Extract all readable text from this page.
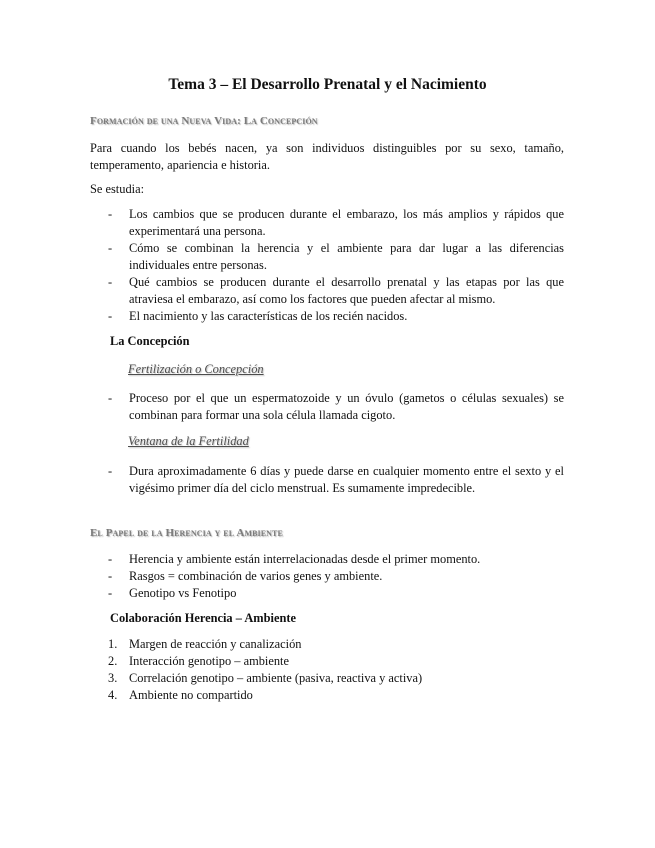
Tema 3 – El Desarrollo Prenatal y el Nacimiento
Formación de una Nueva Vida: La Concepción
Para cuando los bebés nacen, ya son individuos distinguibles por su sexo, tamaño, temperamento, apariencia e historia.
Se estudia:
- Los cambios que se producen durante el embarazo, los más amplios y rápidos que experimentará una persona.
- Cómo se combinan la herencia y el ambiente para dar lugar a las diferencias individuales entre personas.
- Qué cambios se producen durante el desarrollo prenatal y las etapas por las que atraviesa el embarazo, así como los factores que pueden afectar al mismo.
- El nacimiento y las características de los recién nacidos.
La Concepción
Fertilización o Concepción
- Proceso por el que un espermatozoide y un óvulo (gametos o células sexuales) se combinan para formar una sola célula llamada cigoto.
Ventana de la Fertilidad
- Dura aproximadamente 6 días y puede darse en cualquier momento entre el sexto y el vigésimo primer día del ciclo menstrual. Es sumamente impredecible.
El Papel de la Herencia y el Ambiente
- Herencia y ambiente están interrelacionadas desde el primer momento.
- Rasgos = combinación de varios genes y ambiente.
- Genotipo vs Fenotipo
Colaboración Herencia – Ambiente
1. Margen de reacción y canalización
2. Interacción genotipo – ambiente
3. Correlación genotipo – ambiente (pasiva, reactiva y activa)
4. Ambiente no compartido
